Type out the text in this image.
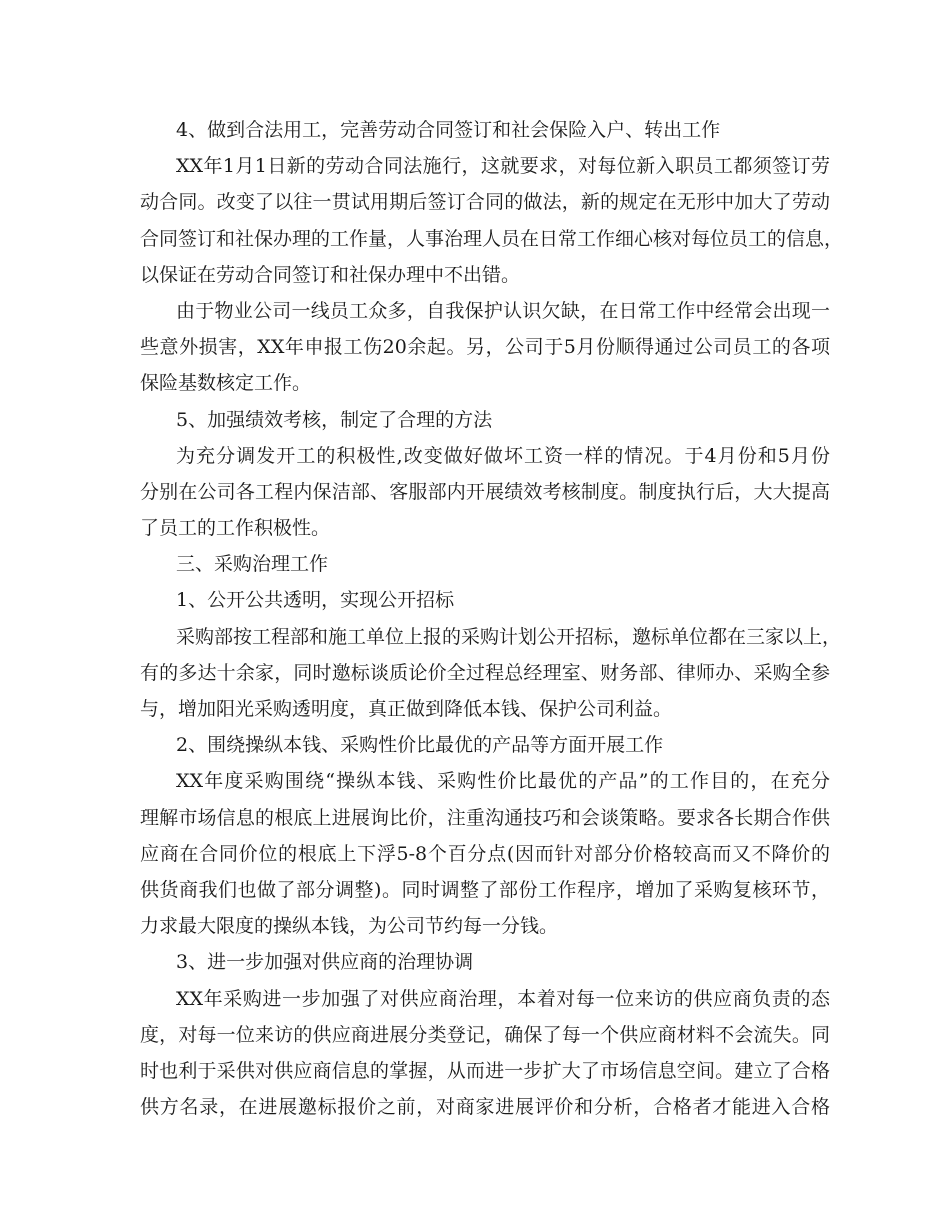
4、做到合法用工，完善劳动合同签订和社会保险入户、转出工作
XX年1月1日新的劳动合同法施行，这就要求，对每位新入职员工都须签订劳
动合同。改变了以往一贯试用期后签订合同的做法，新的规定在无形中加大了劳动
合同签订和社保办理的工作量，人事治理人员在日常工作细心核对每位员工的信息，
以保证在劳动合同签订和社保办理中不出错。
由于物业公司一线员工众多，自我保护认识欠缺，在日常工作中经常会出现一
些意外损害，XX年申报工伤20余起。另，公司于5月份顺得通过公司员工的各项
保险基数核定工作。
5、加强绩效考核，制定了合理的方法
为充分调发开工的积极性,改变做好做坏工资一样的情况。于4月份和5月份
分别在公司各工程内保洁部、客服部内开展绩效考核制度。制度执行后，大大提高
了员工的工作积极性。
三、采购治理工作
1、公开公共透明，实现公开招标
采购部按工程部和施工单位上报的采购计划公开招标，邀标单位都在三家以上，
有的多达十余家，同时邀标谈质论价全过程总经理室、财务部、律师办、采购全参
与，增加阳光采购透明度，真正做到降低本钱、保护公司利益。
2、围绕操纵本钱、采购性价比最优的产品等方面开展工作
XX年度采购围绕“操纵本钱、采购性价比最优的产品”的工作目的，在充分
理解市场信息的根底上进展询比价，注重沟通技巧和会谈策略。要求各长期合作供
应商在合同价位的根底上下浮5-8个百分点(因而针对部分价格较高而又不降价的
供货商我们也做了部分调整)。同时调整了部份工作程序，增加了采购复核环节，
力求最大限度的操纵本钱，为公司节约每一分钱。
3、进一步加强对供应商的治理协调
XX年采购进一步加强了对供应商治理，本着对每一位来访的供应商负责的态
度，对每一位来访的供应商进展分类登记，确保了每一个供应商材料不会流失。同
时也利于采供对供应商信息的掌握，从而进一步扩大了市场信息空间。建立了合格
供方名录，在进展邀标报价之前，对商家进展评价和分析，合格者才能进入合格
